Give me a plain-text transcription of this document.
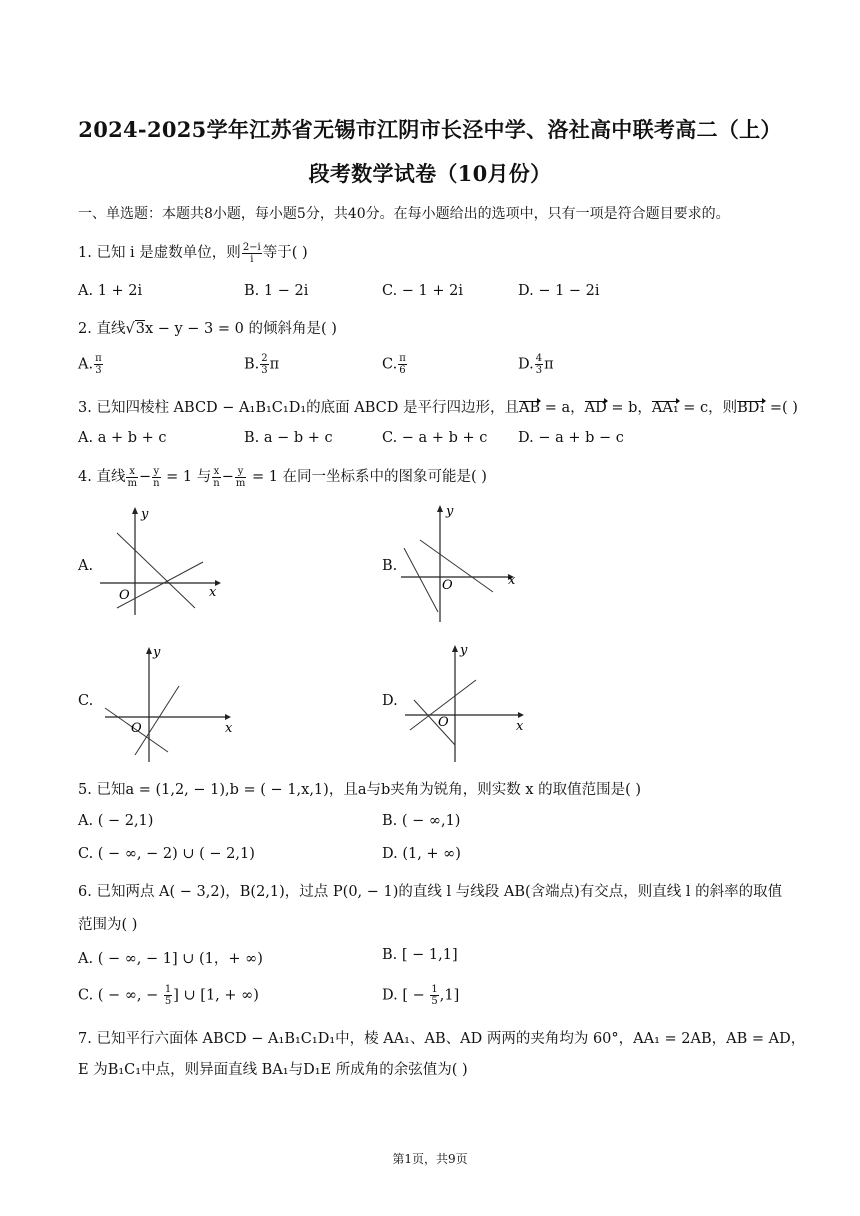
2024-2025学年江苏省无锡市江阴市长泾中学、洛社高中联考高二（上）
段考数学试卷（10月份）
一、单选题：本题共8小题，每小题5分，共40分。在每小题给出的选项中，只有一项是符合题目要求的。
1. 已知 i 是虚数单位，则 $\frac{2-i}{i}$ 等于( )
A. 1 + 2i	B. 1 − 2i	C. − 1 + 2i	D. − 1 − 2i
2. 直线√3x − y − 3 = 0 的倾斜角是( )
A. $\frac{\pi}{3}$	B. $\frac{2}{3}$ π	C. $\frac{\pi}{6}$	D. $\frac{4}{3}$ π
3. 已知四棱柱 ABCD − A₁B₁C₁D₁的底面 ABCD 是平行四边形，且AB = a，AD = b，AA₁ = c，则BD₁ =( )
A. a + b + c	B. a − b + c	C. − a + b + c D. − a + b − c
4. 直线 $\frac{x}{m} - \frac{y}{n} = 1$ 与 $\frac{x}{n} - \frac{y}{m} = 1$ 在同一坐标系中的图象可能是( )
A.	B.
C.	D.
y
x
O
y
x
O
y
x
O
y
x
O
5. 已知a = (1,2, − 1),b = ( − 1,x,1)，且a与b夹角为锐角，则实数 x 的取值范围是( )
A. ( − 2,1)	B. ( − ∞,1)
C. ( − ∞, − 2) ∪ ( − 2,1)	D. (1, + ∞)
6. 已知两点 A( − 3,2)，B(2,1)，过点 P(0, − 1)的直线 l 与线段 AB(含端点)有交点，则直线 l 的斜率的取值
范围为( )
A. ( − ∞, − 1] ∪ (1，+ ∞)	B. [ − 1,1]
C. ( − ∞, − $\frac{1}{5}$ ] ∪ [1, + ∞)	D. [ − $\frac{1}{5} ,1$]
7. 已知平行六面体 ABCD − A₁B₁C₁D₁中，棱 AA₁、AB、AD 两两的夹角均为 60°，AA₁ = 2AB，AB = AD，
E 为B₁C₁中点，则异面直线 BA₁与D₁E 所成角的余弦值为( )
第1页，共9页
